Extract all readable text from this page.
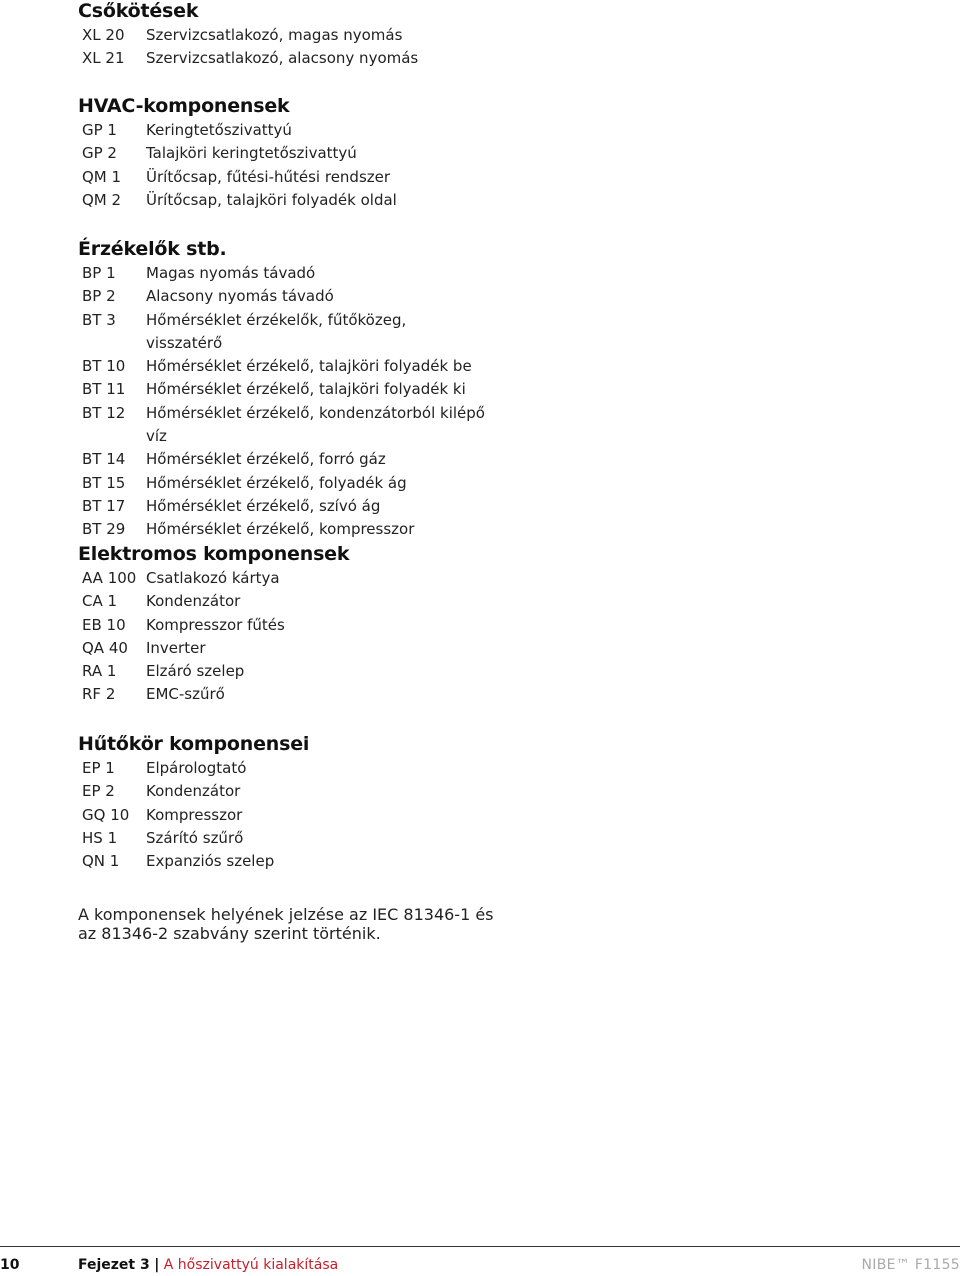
Csőkötések
XL 20	Szervizcsatlakozó, magas nyomás
XL 21	Szervizcsatlakozó, alacsony nyomás
HVAC-komponensek
GP 1	Keringtetőszivattyú
GP 2	Talajköri keringtetőszivattyú
QM 1	Ürítőcsap, fűtési-hűtési rendszer
QM 2	Ürítőcsap, talajköri folyadék oldal
Érzékelők stb.
BP 1	Magas nyomás távadó
BP 2	Alacsony nyomás távadó
BT 3	Hőmérséklet érzékelők, fűtőközeg, visszatérő
BT 10	Hőmérséklet érzékelő, talajköri folyadék be
BT 11	Hőmérséklet érzékelő, talajköri folyadék ki
BT 12	Hőmérséklet érzékelő, kondenzátorból kilépő víz
BT 14	Hőmérséklet érzékelő, forró gáz
BT 15	Hőmérséklet érzékelő, folyadék ág
BT 17	Hőmérséklet érzékelő, szívó ág
BT 29	Hőmérséklet érzékelő, kompresszor
Elektromos komponensek
AA 100 Csatlakozó kártya
CA 1	Kondenzátor
EB 10	Kompresszor fűtés
QA 40	Inverter
RA 1	Elzáró szelep
RF 2	EMC-szűrő
Hűtőkör komponensei
EP 1	Elpárologtató
EP 2	Kondenzátor
GQ 10	Kompresszor
HS 1	Szárító szűrő
QN 1	Expanziós szelep

A komponensek helyének jelzése az IEC 81346-1 és az 81346-2 szabvány szerint történik.

10	Fejezet 3 | A hőszivattyú kialakítása	NIBE™ F1155
